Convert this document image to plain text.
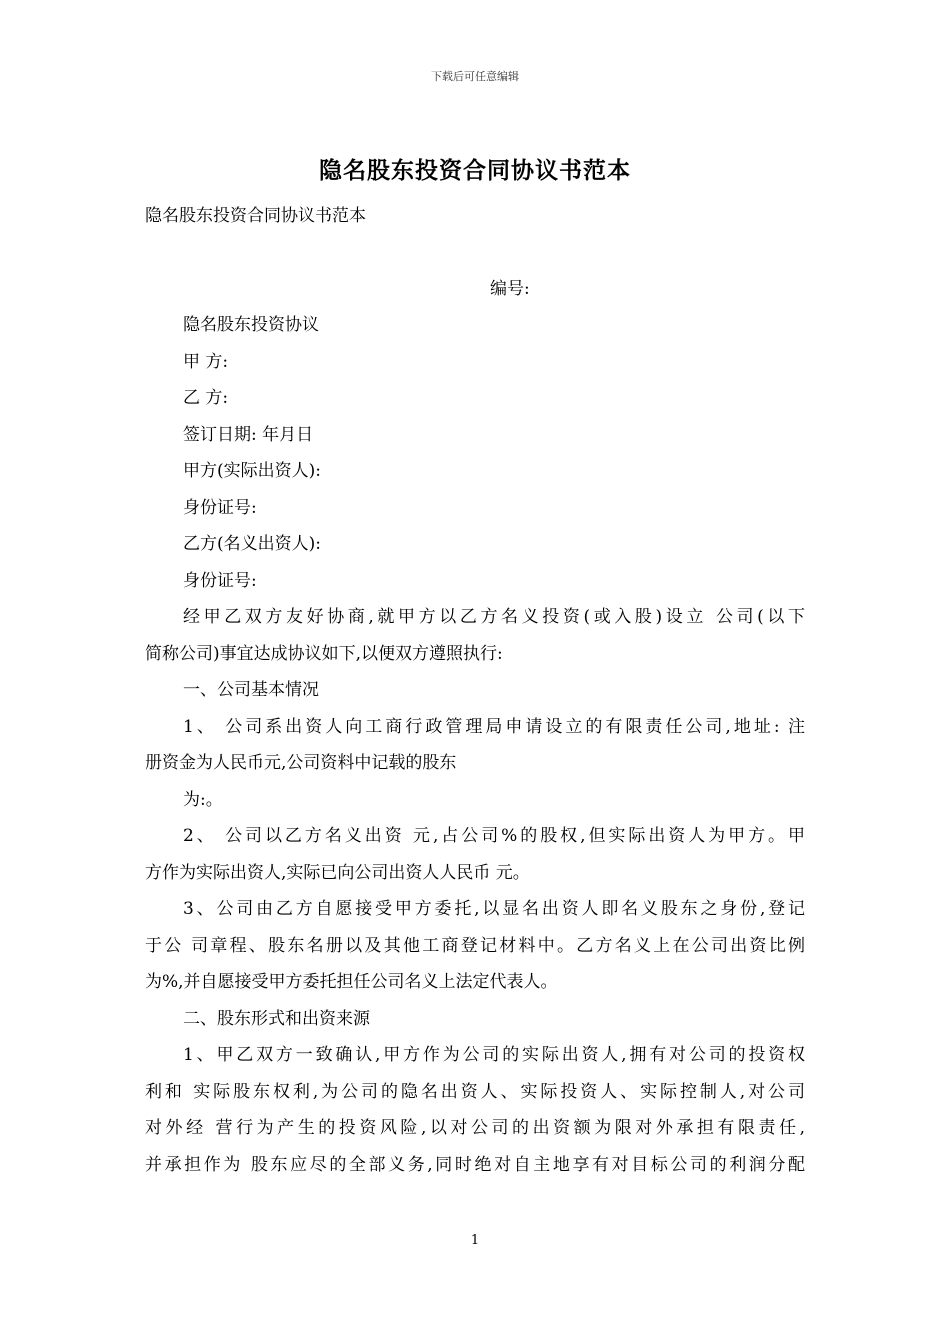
下载后可任意编辑
隐名股东投资合同协议书范本
隐名股东投资合同协议书范本
编号:
隐名股东投资协议
甲 方:
乙 方:
签订日期: 年月日
甲方(实际出资人):
身份证号:
乙方(名义出资人):
身份证号:
经甲乙双方友好协商,就甲方以乙方名义投资(或入股)设立 公司(以下
简称公司)事宜达成协议如下,以便双方遵照执行:
一、公司基本情况
1、 公司系出资人向工商行政管理局申请设立的有限责任公司,地址: 注
册资金为人民币元,公司资料中记载的股东
为:。
2、 公司以乙方名义出资 元,占公司%的股权,但实际出资人为甲方。甲
方作为实际出资人,实际已向公司出资人人民币 元。
3、公司由乙方自愿接受甲方委托,以显名出资人即名义股东之身份,登记
于公 司章程、股东名册以及其他工商登记材料中。乙方名义上在公司出资比例
为%,并自愿接受甲方委托担任公司名义上法定代表人。
二、股东形式和出资来源
1、甲乙双方一致确认,甲方作为公司的实际出资人,拥有对公司的投资权
利和 实际股东权利,为公司的隐名出资人、实际投资人、实际控制人,对公司
对外经 营行为产生的投资风险,以对公司的出资额为限对外承担有限责任,
并承担作为 股东应尽的全部义务,同时绝对自主地享有对目标公司的利润分配
1
